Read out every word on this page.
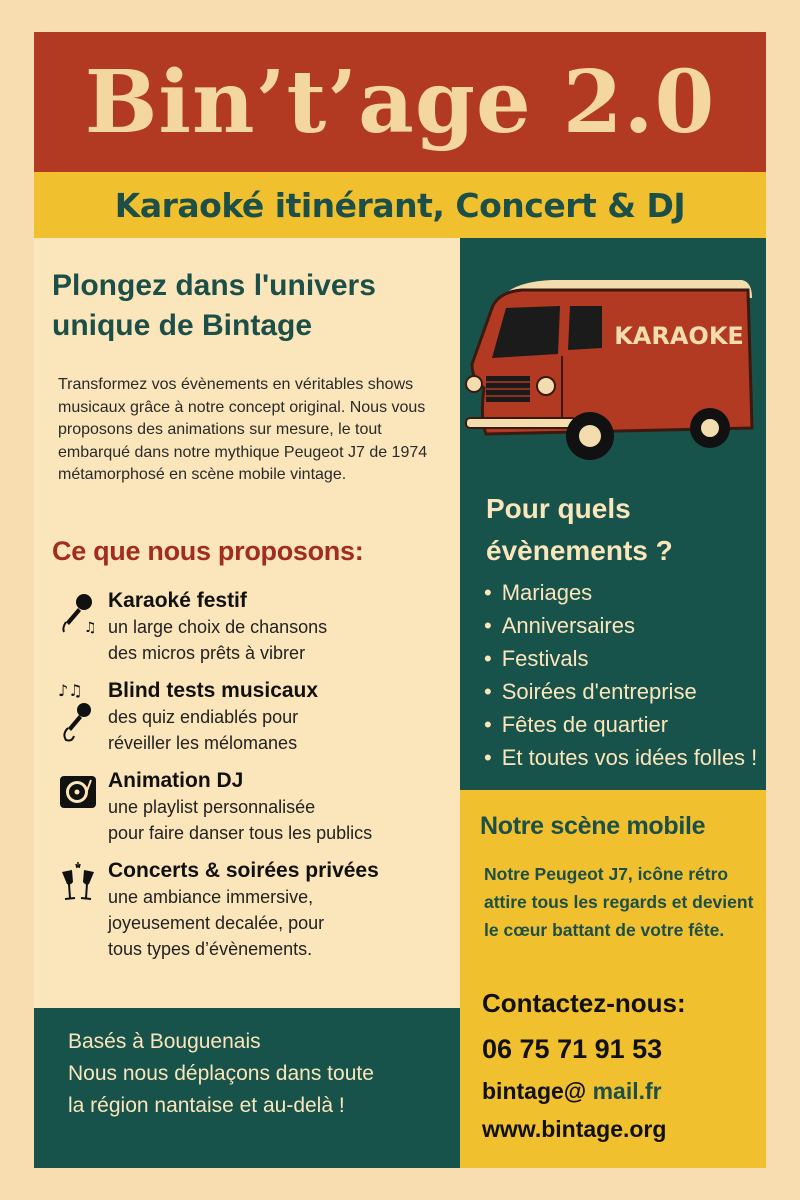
Bin’t’age 2.0
Karaoké itinérant, Concert & DJ
Plongez dans l'univers unique de Bintage

Transformez vos évènements en véritables shows musicaux grâce à notre concept original. Nous vous proposons des animations sur mesure, le tout embarqué dans notre mythique Peugeot J7 de 1974 métamorphosé en scène mobile vintage.

Ce que nous proposons:
♫
Karaoké festif
un large choix de chansons
des micros prêts à vibrer
♪♫ Blind tests musicaux
des quiz endiablés pour
réveiller les mélomanes
Animation DJ
une playlist personnalisée
pour faire danser tous les publics
Concerts & soirées privées
une ambiance immersive,
joyeusement decalée, pour
tous types d’évènements.
Basés à Bouguenais
Nous nous déplaçons dans toute
la région nantaise et au-delà !
KARAOKE
Pour quels évènements ?
• Mariages
• Anniversaires
• Festivals
• Soirées d'entreprise
• Fêtes de quartier
• Et toutes vos idées folles !
Notre scène mobile

Notre Peugeot J7, icône rétro attire tous les regards et devient le cœur battant de votre fête.

Contactez-nous:
06 75 71 91 53
bintage@ mail.fr
www.bintage.org
